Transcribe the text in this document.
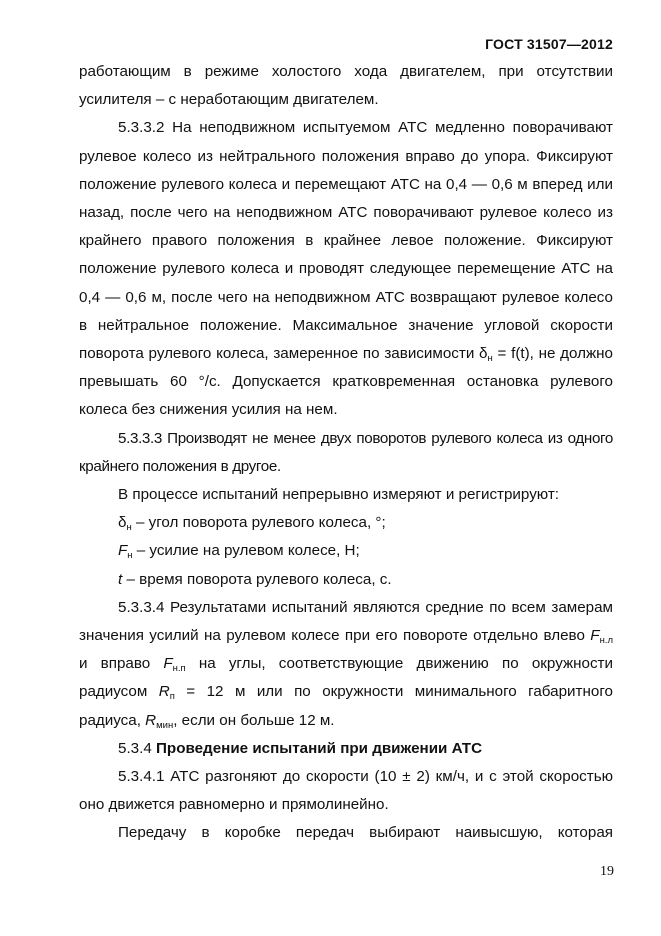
ГОСТ 31507—2012

работающим в режиме холостого хода двигателем, при отсутствии усилителя – с неработающим двигателем.

5.3.3.2 На неподвижном испытуемом АТС медленно поворачивают рулевое колесо из нейтрального положения вправо до упора. Фиксируют положение рулевого колеса и перемещают АТС на 0,4 — 0,6 м вперед или назад, после чего на неподвижном АТС поворачивают рулевое колесо из крайнего правого положения в крайнее левое положение. Фиксируют положение рулевого колеса и проводят следующее перемещение АТС на 0,4 — 0,6 м, после чего на неподвижном АТС возвращают рулевое колесо в нейтральное положение. Максимальное значение угловой скорости поворота рулевого колеса, замеренное по зависимости $\delta_н = f(t)$, не должно превышать 60 °/с. Допускается кратковременная остановка рулевого колеса без снижения усилия на нем.

5.3.3.3 Производят не менее двух поворотов рулевого колеса из одного крайнего положения в другое.

В процессе испытаний непрерывно измеряют и регистрируют:

$\delta_н$ – угол поворота рулевого колеса, °;

$F_н$ – усилие на рулевом колесе, Н;

t – время поворота рулевого колеса, с.

5.3.3.4 Результатами испытаний являются средние по всем замерам значения усилий на рулевом колесе при его повороте отдельно влево $F_{н.л}$ и вправо $F_{н.п}$ на углы, соответствующие движению по окружности радиусом $R_п = 12$ м или по окружности минимального габаритного радиуса, $R_{мин}$, если он больше 12 м.

5.3.4 Проведение испытаний при движении АТС

5.3.4.1 АТС разгоняют до скорости (10 ± 2) км/ч, и с этой скоростью оно движется равномерно и прямолинейно.

Передачу в коробке передач выбирают наивысшую, которая

19
